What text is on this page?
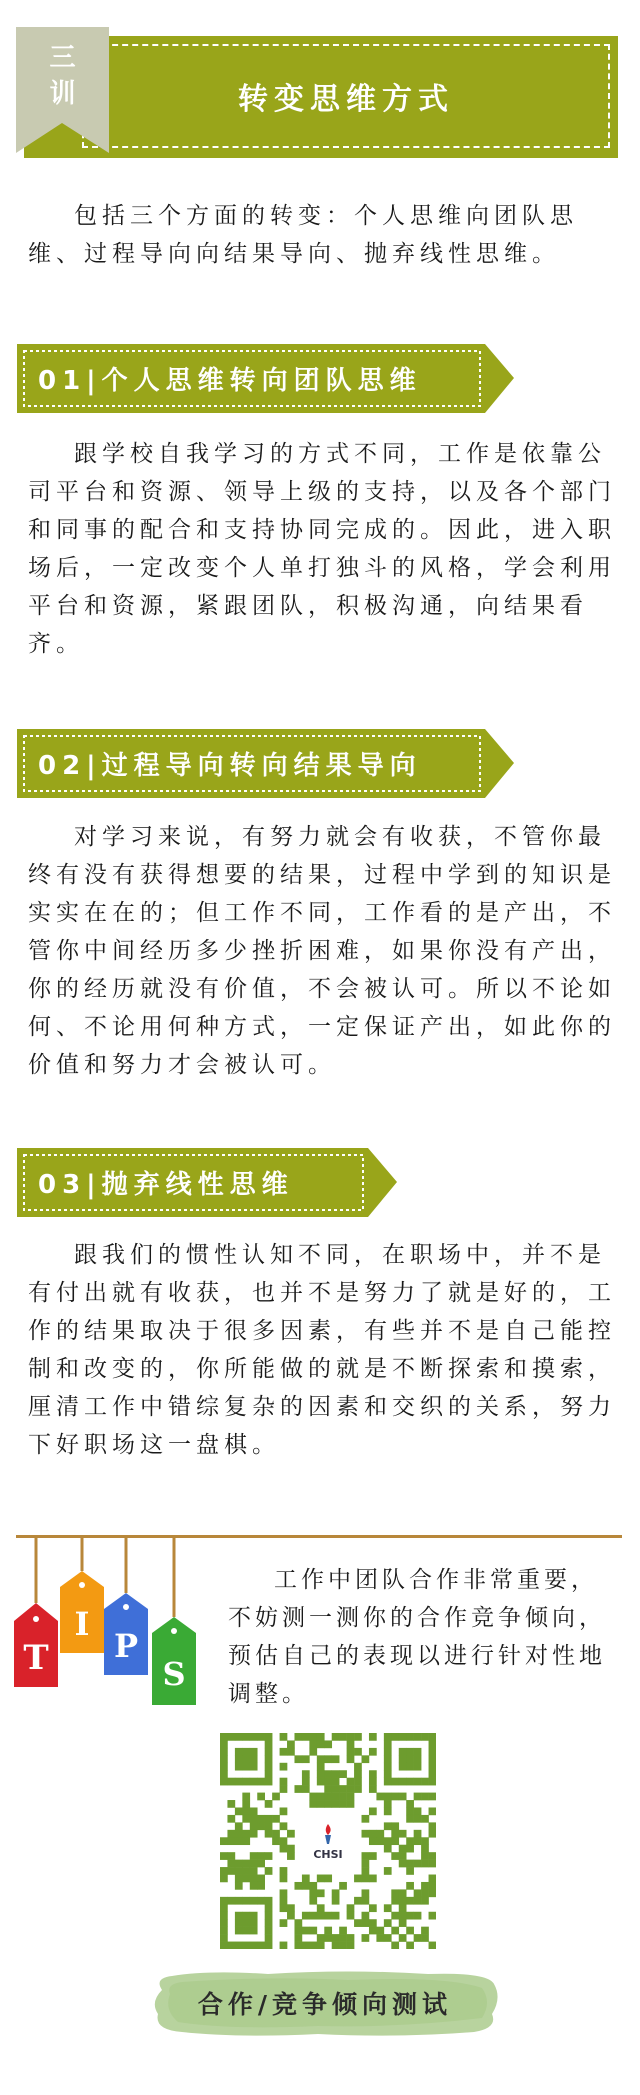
转变思维方式
三训

包括三个方面的转变：个人思维向团队思维、过程导向向结果导向、抛弃线性思维。

01|个人思维转向团队思维

跟学校自我学习的方式不同，工作是依靠公司平台和资源、领导上级的支持，以及各个部门和同事的配合和支持协同完成的。因此，进入职场后，一定改变个人单打独斗的风格，学会利用平台和资源，紧跟团队，积极沟通，向结果看齐。

02|过程导向转向结果导向

对学习来说，有努力就会有收获，不管你最终有没有获得想要的结果，过程中学到的知识是实实在在的；但工作不同，工作看的是产出，不管你中间经历多少挫折困难，如果你没有产出，你的经历就没有价值，不会被认可。所以不论如何、不论用何种方式，一定保证产出，如此你的价值和努力才会被认可。

03|抛弃线性思维

跟我们的惯性认知不同，在职场中，并不是有付出就有收获，也并不是努力了就是好的，工作的结果取决于很多因素，有些并不是自己能控制和改变的，你所能做的就是不断探索和摸索，厘清工作中错综复杂的因素和交织的关系，努力下好职场这一盘棋。

T
I
P
S

工作中团队合作非常重要，不妨测一测你的合作竞争倾向，预估自己的表现以进行针对性地调整。

CHSI
合作/竞争倾向测试
